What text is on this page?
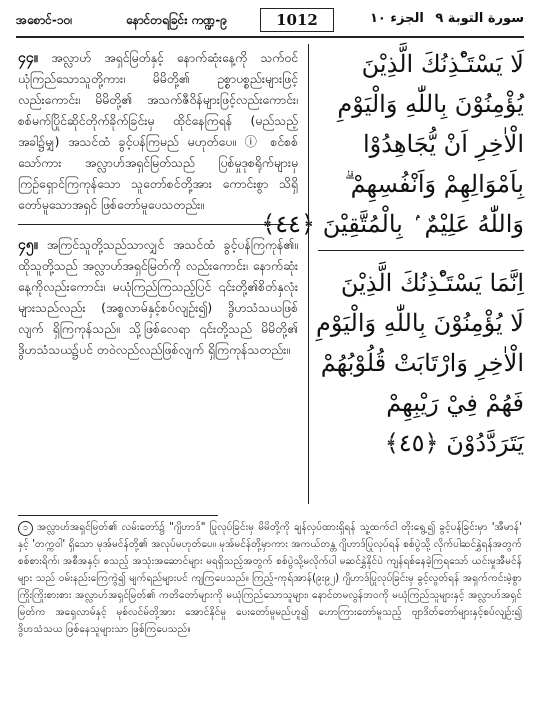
အစောင်-၁၀၊	နောင်တရခြင်း ကဏ္ဍ-၉	1012	الجزء ١٠ سورة التوبة ٩
၄၄။ အလ္လာဟ် အရှင်မြတ်နှင့် နောက်ဆုံးနေ့ကို သက်ဝင်ယုံကြည်သောသူတို့ကား၊ မိမိတို့၏ ဥစ္စာပစ္စည်းများဖြင့်လည်းကောင်း၊ မိမိတို့၏ အသက်ဇီဝိန်များဖြင့်လည်းကောင်း၊ စစ်မက်ပြိုင်ဆိုင်တိုက်ခိုက်ခြင်းမှ ထိုင်နေကြရန် (မည်သည့်အခါ၌မျှ) အသင်ထံ ခွင့်ပန်ကြမည် မဟုတ်ပေ။ ⓘ စင်စစ်သော်ကား အလ္လာဟ်အရှင်မြတ်သည် ပြစ်မှုဒုစရိုက်များမှ ကြဉ်ရှောင်ကြကုန်သော သူတော်စင်တို့အား ကောင်းစွာ သိရှိတော်မူသောအရှင် ဖြစ်တော်မူပေသတည်း။
၄၅။ အကြင်သူတို့သည်သာလျှင် အသင်ထံ ခွင့်ပန်ကြကုန်၏။ ထိုသူတို့သည် အလ္လာဟ်အရှင်မြတ်ကို လည်းကောင်း၊ နောက်ဆုံးနေ့ကိုလည်းကောင်း၊ မယုံကြည်ကြသည့်ပြင် ၎င်းတို့၏စိတ်နှလုံးများသည်လည်း (အစ္စလာမ်နှင့်စပ်လျဉ်း၍) ဒွိဟသံသယဖြစ်လျက် ရှိကြကုန်သည်။ သို့ဖြစ်လေရာ ၎င်းတို့သည် မိမိတို့၏ ဒွိဟသံသယ၌ပင် တဝဲလည်လည်ဖြစ်လျက် ရှိကြကုန်သတည်း။
لَا يَسْتَـْٔذِنُكَ الَّذِيْنَ
يُؤْمِنُوْنَ بِاللّٰهِ وَالْيَوْمِ
الْاٰخِرِ اَنْ يُّجَاهِدُوْا
بِاَمْوَالِهِمْ وَاَنْفُسِهِمْ ۗ
وَاللّٰهُ عَلِيْمٌ ۢ بِالْمُتَّقِيْنَ ﴿٤٤﴾
اِنَّمَا يَسْتَـْٔذِنُكَ الَّذِيْنَ
لَا يُؤْمِنُوْنَ بِاللّٰهِ وَالْيَوْمِ
الْاٰخِرِ وَارْتَابَتْ قُلُوْبُهُمْ
فَهُمْ فِيْ رَيْبِهِمْ
يَتَرَدَّدُوْنَ ﴿٤٥﴾
၁ အလ္လာဟ်အရှင်မြတ်၏ လမ်းတော်၌ "ဂျိဟာဒ်" ပြုလုပ်ခြင်းမှ မိမိတို့ကို ချန်လှပ်ထားရှိရန် သူ့ထက်ငါ တိုးရွေ့၍ ခွင့်ပန်ခြင်းမှာ 'အီမာန်' နှင့် 'တက္ကဝါ' ရှိသော မုအ်မင်န်တို့၏ အလုပ်မဟုတ်ပေ။ မုအ်မင်န်တို့မှာကား အကယ်တန္တ ဂျိဟာဒ်ပြုလုပ်ရန် စစ်ပွဲသို့ လိုက်ပါဆင်နွှဲရန်အတွက် စစ်စားရိက်၊ အစီအနှင့်၊ စသည့် အသုံးအဆောင်များ မရရှိသည့်အတွက် စစ်ပွဲသို့မလိုက်ပါ မဆင်နွှဲနိုင်ပဲ ကျန်ရစ်နေခဲ့ကြရသော် ယင်းမှုအီမင်န်များ သည် ဝမ်းနည်းကြေကွဲ၍ မျက်ရည်များပင် ကျကြပေသည်။ ကြည့်-ကုရ်အာန်(၉း၉၂) ဂျိဟာဒ်ပြုလုပ်ခြင်းမှ ခွင့်လွတ်ရန် အရှက်ကင်းမဲ့စွာ ကြိုးကြိုးစားစား အလ္လာဟ်အရှင်မြတ်၏ ကတိတော်များကို မယုံကြည်သောသူများ၊ နောင်တမလွန်ဘဝကို မယုံကြည်သူများနှင့် အလ္လာဟ်အရှင်မြတ်က အရှေလာမ်နှင့် မုစ်လင်မ်တို့အား အောင်နိုင်မှု ပေးတော်မူမည်ဟူ၍ ဟောကြားတော်မူသည့် ဗျာဒိတ်တော်များနှင့်စပ်လျဉ်း၍ ဒွိဟသံသယ ဖြစ်နေသူများသာ ဖြစ်ကြပေသည်။
